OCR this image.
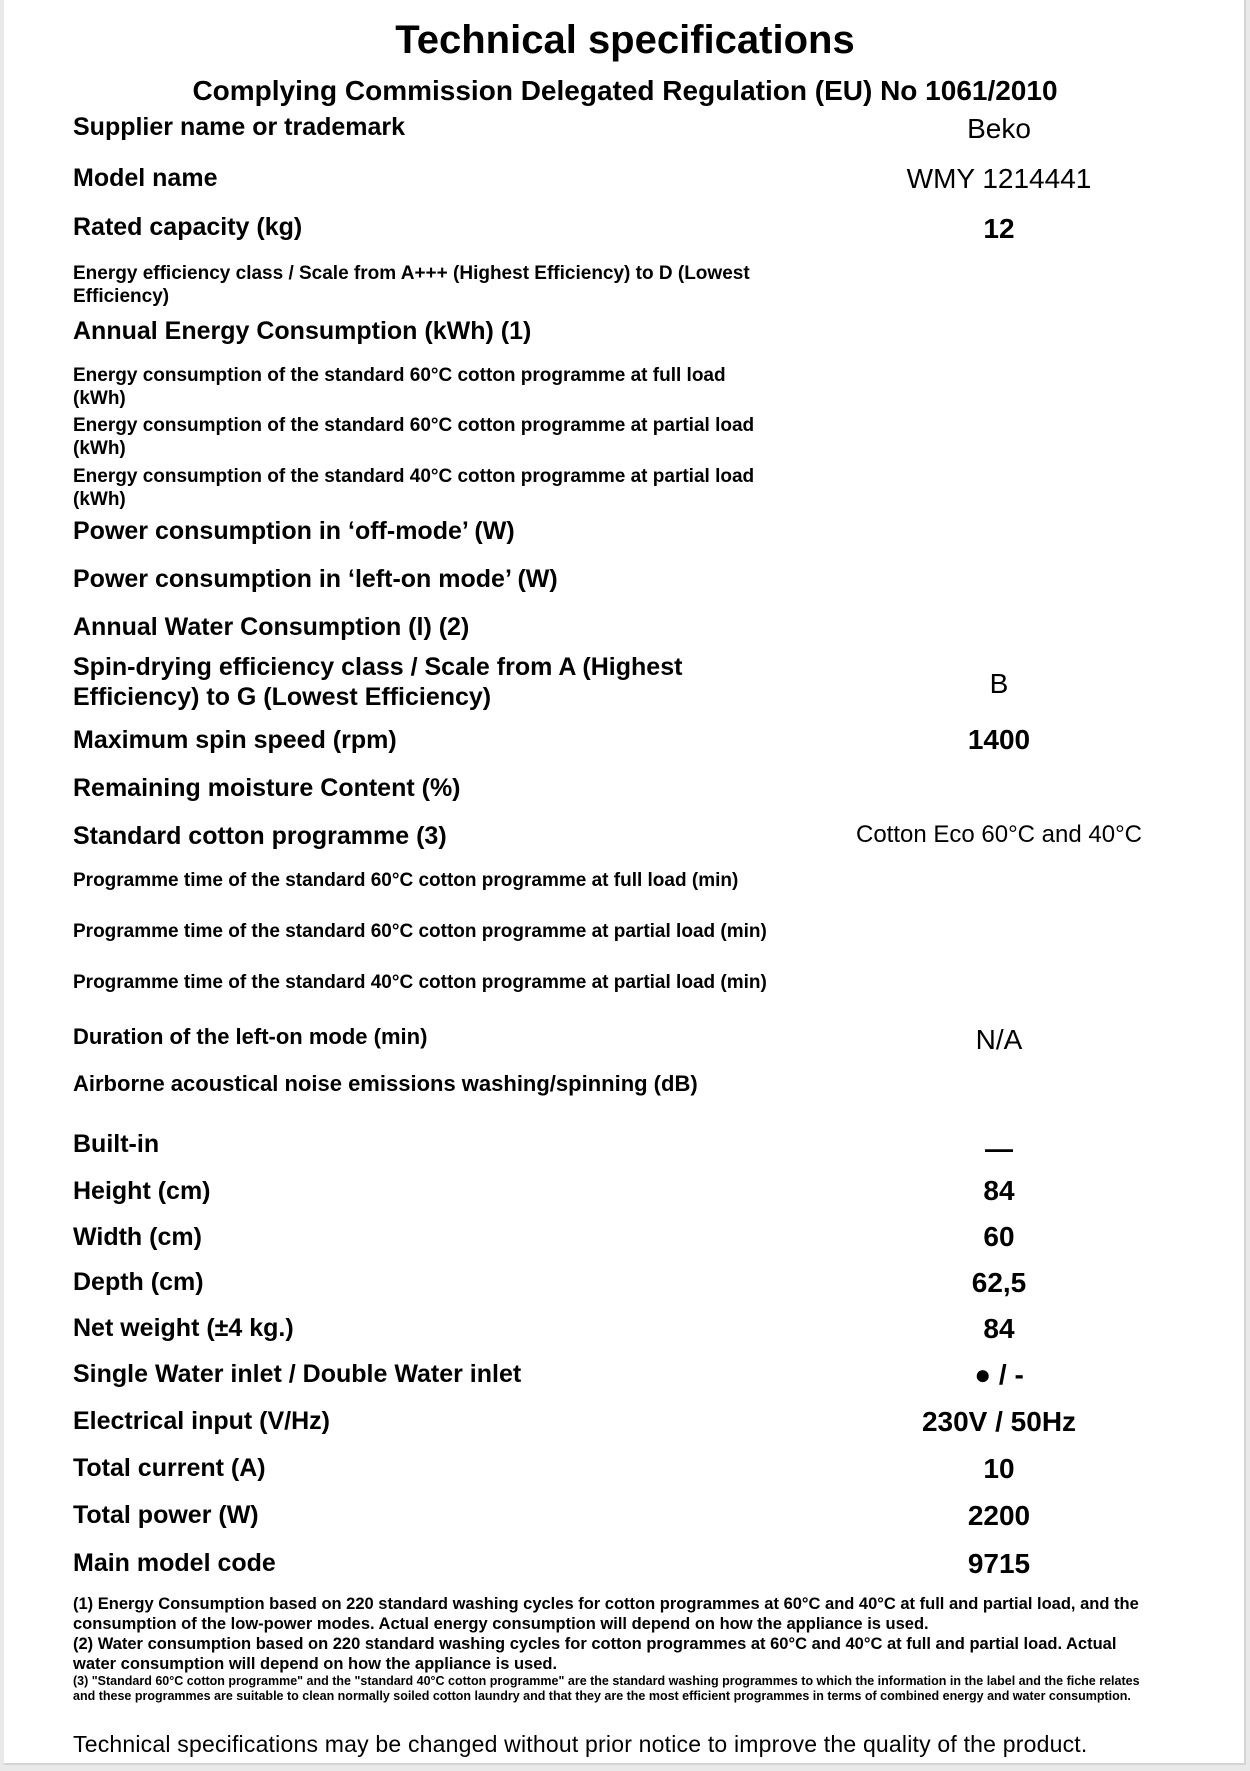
Technical specifications
Complying Commission Delegated Regulation (EU) No 1061/2010
Supplier name or trademark	Beko
Model name	WMY 1214441
Rated capacity (kg)	12
Energy efficiency class / Scale from A+++ (Highest Efficiency) to D (Lowest Efficiency)
Annual Energy Consumption (kWh) (1)
Energy consumption of the standard 60°C cotton programme at full load (kWh)
Energy consumption of the standard 60°C cotton programme at partial load (kWh)
Energy consumption of the standard 40°C cotton programme at partial load (kWh)
Power consumption in ‘off-mode’ (W)
Power consumption in ‘left-on mode’ (W)
Annual Water Consumption (l) (2)
Spin-drying efficiency class / Scale from A (Highest Efficiency) to G (Lowest Efficiency)	B
Maximum spin speed (rpm)	1400
Remaining moisture Content (%)
Standard cotton programme (3)	Cotton Eco 60°C and 40°C
Programme time of the standard 60°C cotton programme at full load (min)
Programme time of the standard 60°C cotton programme at partial load (min)
Programme time of the standard 40°C cotton programme at partial load (min)
Duration of the left-on mode (min)	N/A
Airborne acoustical noise emissions washing/spinning (dB)
Built-in	—
Height (cm)	84
Width (cm)	60
Depth (cm)	62,5
Net weight (±4 kg.)	84
Single Water inlet / Double Water inlet	● / -
Electrical input (V/Hz)	230V / 50Hz
Total current (A)	10
Total power (W)	2200
Main model code	9715
(1) Energy Consumption based on 220 standard washing cycles for cotton programmes at 60°C and 40°C at full and partial load, and the consumption of the low-power modes. Actual energy consumption will depend on how the appliance is used.
(2) Water consumption based on 220 standard washing cycles for cotton programmes at 60°C and 40°C at full and partial load. Actual water consumption will depend on how the appliance is used.
(3) "Standard 60°C cotton programme" and the "standard 40°C cotton programme" are the standard washing programmes to which the information in the label and the fiche relates and these programmes are suitable to clean normally soiled cotton laundry and that they are the most efficient programmes in terms of combined energy and water consumption.
Technical specifications may be changed without prior notice to improve the quality of the product.
